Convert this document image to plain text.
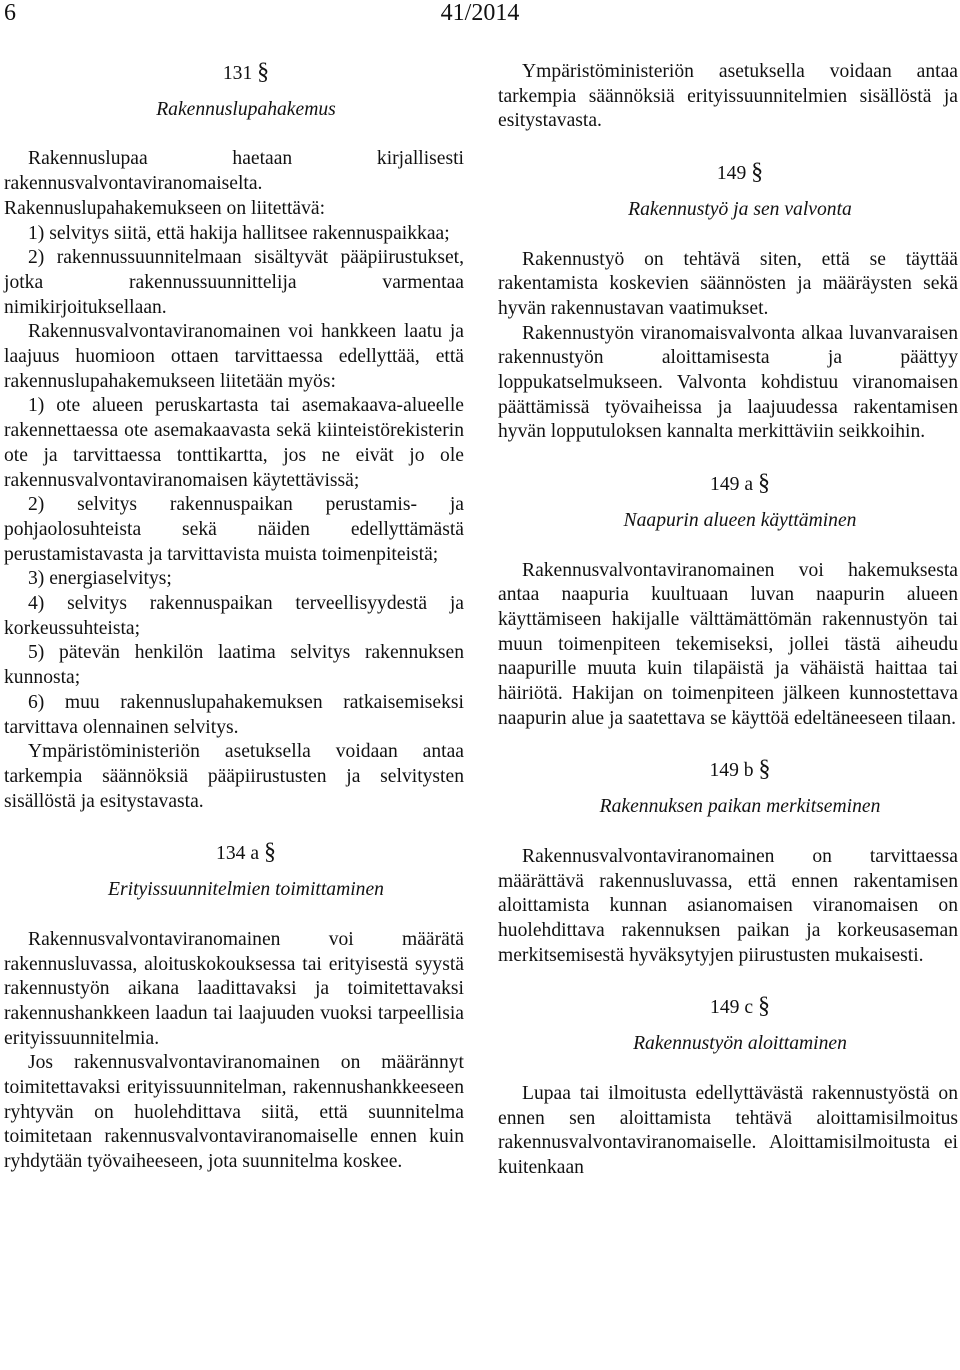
6	41/2014

131 §

Rakennuslupahakemus

Rakennuslupaa haetaan kirjallisesti rakennusvalvontaviranomaiselta. Rakennuslupahakemukseen on liitettävä:

1) selvitys siitä, että hakija hallitsee rakennuspaikkaa;

2) rakennussuunnitelmaan sisältyvät pääpiirustukset, jotka rakennussuunnittelija varmentaa nimikirjoituksellaan.

Rakennusvalvontaviranomainen voi hankkeen laatu ja laajuus huomioon ottaen tarvittaessa edellyttää, että rakennuslupahakemukseen liitetään myös:

1) ote alueen peruskartasta tai asemakaava-alueelle rakennettaessa ote asemakaavasta sekä kiinteistörekisterin ote ja tarvittaessa tonttikartta, jos ne eivät jo ole rakennusvalvontaviranomaisen käytettävissä;

2) selvitys rakennuspaikan perustamis- ja pohjaolosuhteista sekä näiden edellyttämästä perustamistavasta ja tarvittavista muista toimenpiteistä;

3) energiaselvitys;

4) selvitys rakennuspaikan terveellisyydestä ja korkeussuhteista;

5) pätevän henkilön laatima selvitys rakennuksen kunnosta;

6) muu rakennuslupahakemuksen ratkaisemiseksi tarvittava olennainen selvitys.

Ympäristöministeriön asetuksella voidaan antaa tarkempia säännöksiä pääpiirustusten ja selvitysten sisällöstä ja esitystavasta.

134 a §

Erityissuunnitelmien toimittaminen

Rakennusvalvontaviranomainen voi määrätä rakennusluvassa, aloituskokouksessa tai erityisestä syystä rakennustyön aikana laadittavaksi ja toimitettavaksi rakennushankkeen laadun tai laajuuden vuoksi tarpeellisia erityissuunnitelmia.

Jos rakennusvalvontaviranomainen on määrännyt toimitettavaksi erityissuunnitelman, rakennushankkeeseen ryhtyvän on huolehdittava siitä, että suunnitelma toimitetaan rakennusvalvontaviranomaiselle ennen kuin ryhdytään työvaiheeseen, jota suunnitelma koskee.

Ympäristöministeriön asetuksella voidaan antaa tarkempia säännöksiä erityissuunnitelmien sisällöstä ja esitystavasta.

149 §

Rakennustyö ja sen valvonta

Rakennustyö on tehtävä siten, että se täyttää rakentamista koskevien säännösten ja määräysten sekä hyvän rakennustavan vaatimukset.

Rakennustyön viranomaisvalvonta alkaa luvanvaraisen rakennustyön aloittamisesta ja päättyy loppukatselmukseen. Valvonta kohdistuu viranomaisen päättämissä työvaiheissa ja laajuudessa rakentamisen hyvän lopputuloksen kannalta merkittäviin seikkoihin.

149 a §

Naapurin alueen käyttäminen

Rakennusvalvontaviranomainen voi hakemuksesta antaa naapuria kuultuaan luvan naapurin alueen käyttämiseen hakijalle välttämättömän rakennustyön tai muun toimenpiteen tekemiseksi, jollei tästä aiheudu naapurille muuta kuin tilapäistä ja vähäistä haittaa tai häiriötä. Hakijan on toimenpiteen jälkeen kunnostettava naapurin alue ja saatettava se käyttöä edeltäneeseen tilaan.

149 b §

Rakennuksen paikan merkitseminen

Rakennusvalvontaviranomainen on tarvittaessa määrättävä rakennusluvassa, että ennen rakentamisen aloittamista kunnan asianomaisen viranomaisen on huolehdittava rakennuksen paikan ja korkeusaseman merkitsemisestä hyväksytyjen piirustusten mukaisesti.

149 c §

Rakennustyön aloittaminen

Lupaa tai ilmoitusta edellyttävästä rakennustyöstä on ennen sen aloittamista tehtävä aloittamisilmoitus rakennusvalvontaviranomaiselle. Aloittamisilmoitusta ei kuitenkaan
